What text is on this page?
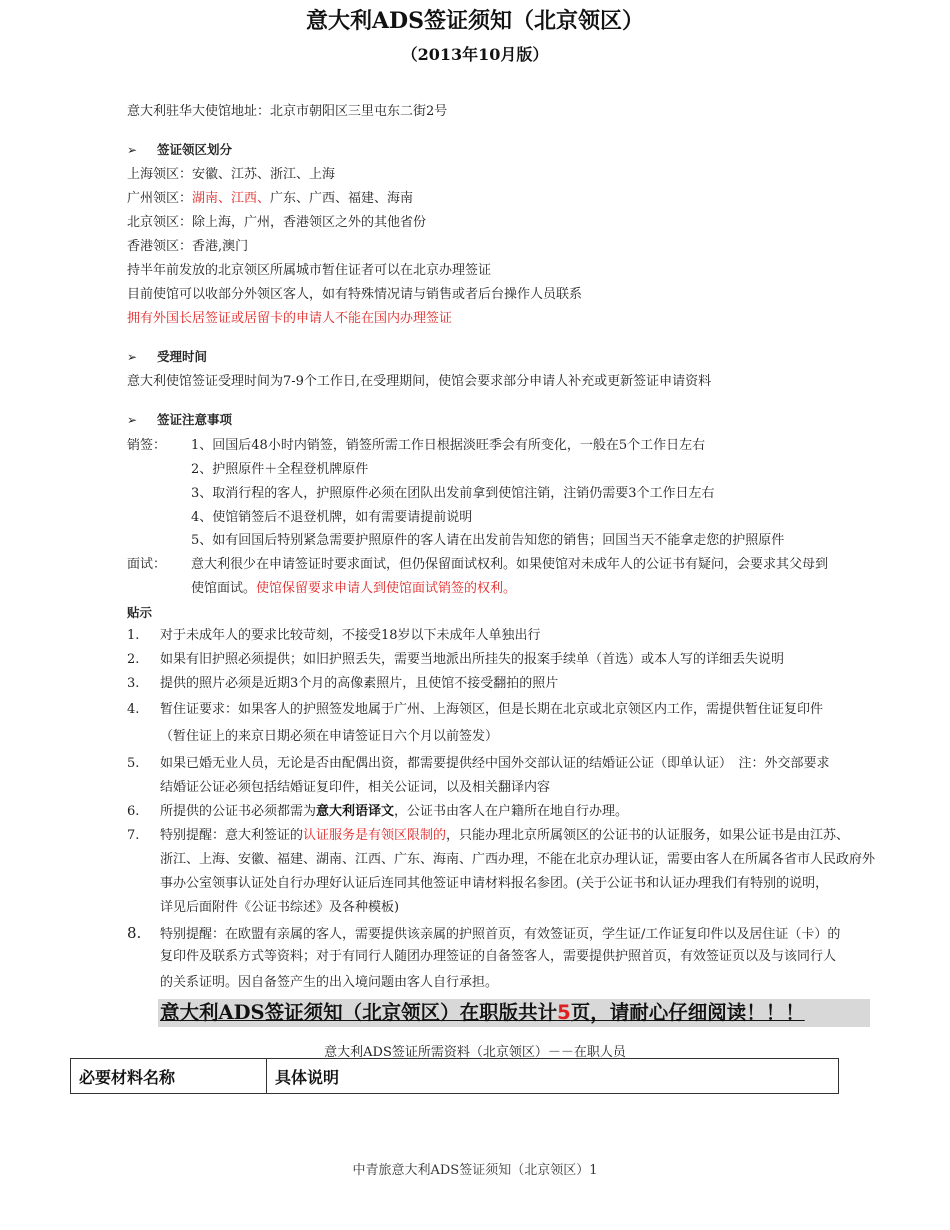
意大利ADS签证须知（北京领区）
（2013年10月版）
意大利驻华大使馆地址：北京市朝阳区三里屯东二街2号
➢ 签证领区划分
上海领区：安徽、江苏、浙江、上海
广州领区：湖南、江西、广东、广西、福建、海南
北京领区：除上海，广州，香港领区之外的其他省份
香港领区：香港,澳门
持半年前发放的北京领区所属城市暂住证者可以在北京办理签证
目前使馆可以收部分外领区客人，如有特殊情况请与销售或者后台操作人员联系
拥有外国长居签证或居留卡的申请人不能在国内办理签证
➢ 受理时间
意大利使馆签证受理时间为7-9个工作日,在受理期间，使馆会要求部分申请人补充或更新签证申请资料
➢ 签证注意事项
销签： 1、回国后48小时内销签，销签所需工作日根据淡旺季会有所变化，一般在5个工作日左右
2、护照原件＋全程登机牌原件
3、取消行程的客人，护照原件必须在团队出发前拿到使馆注销，注销仍需要3个工作日左右
4、使馆销签后不退登机牌，如有需要请提前说明
5、如有回国后特别紧急需要护照原件的客人请在出发前告知您的销售；回国当天不能拿走您的护照原件
面试： 意大利很少在申请签证时要求面试，但仍保留面试权利。如果使馆对未成年人的公证书有疑问，会要求其父母到
使馆面试。使馆保留要求申请人到使馆面试销签的权利。
贴示
1. 对于未成年人的要求比较苛刻，不接受18岁以下未成年人单独出行
2. 如果有旧护照必须提供；如旧护照丢失，需要当地派出所挂失的报案手续单（首选）或本人写的详细丢失说明
3. 提供的照片必须是近期3个月的高像素照片，且使馆不接受翻拍的照片
4. 暂住证要求：如果客人的护照签发地属于广州、上海领区，但是长期在北京或北京领区内工作，需提供暂住证复印件
（暂住证上的来京日期必须在申请签证日六个月以前签发）
5. 如果已婚无业人员，无论是否由配偶出资，都需要提供经中国外交部认证的结婚证公证（即单认证）　注：外交部要求
结婚证公证必须包括结婚证复印件，相关公证词，以及相关翻译内容
6. 所提供的公证书必须都需为意大利语译文，公证书由客人在户籍所在地自行办理。
7. 特别提醒：意大利签证的认证服务是有领区限制的，只能办理北京所属领区的公证书的认证服务，如果公证书是由江苏、
浙江、上海、安徽、福建、湖南、江西、广东、海南、广西办理，不能在北京办理认证，需要由客人在所属各省市人民政府外
事办公室领事认证处自行办理好认证后连同其他签证申请材料报名参团。(关于公证书和认证办理我们有特别的说明，
详见后面附件《公证书综述》及各种模板)
8. 特别提醒：在欧盟有亲属的客人，需要提供该亲属的护照首页，有效签证页，学生证/工作证复印件以及居住证（卡）的
复印件及联系方式等资料；对于有同行人随团办理签证的自备签客人，需要提供护照首页，有效签证页以及与该同行人
的关系证明。因自备签产生的出入境问题由客人自行承担。
意大利ADS签证须知（北京领区）在职版共计5页，请耐心仔细阅读！！！
意大利ADS签证所需资料（北京领区）－－在职人员
必要材料名称	具体说明
中青旅意大利ADS签证须知（北京领区）1
